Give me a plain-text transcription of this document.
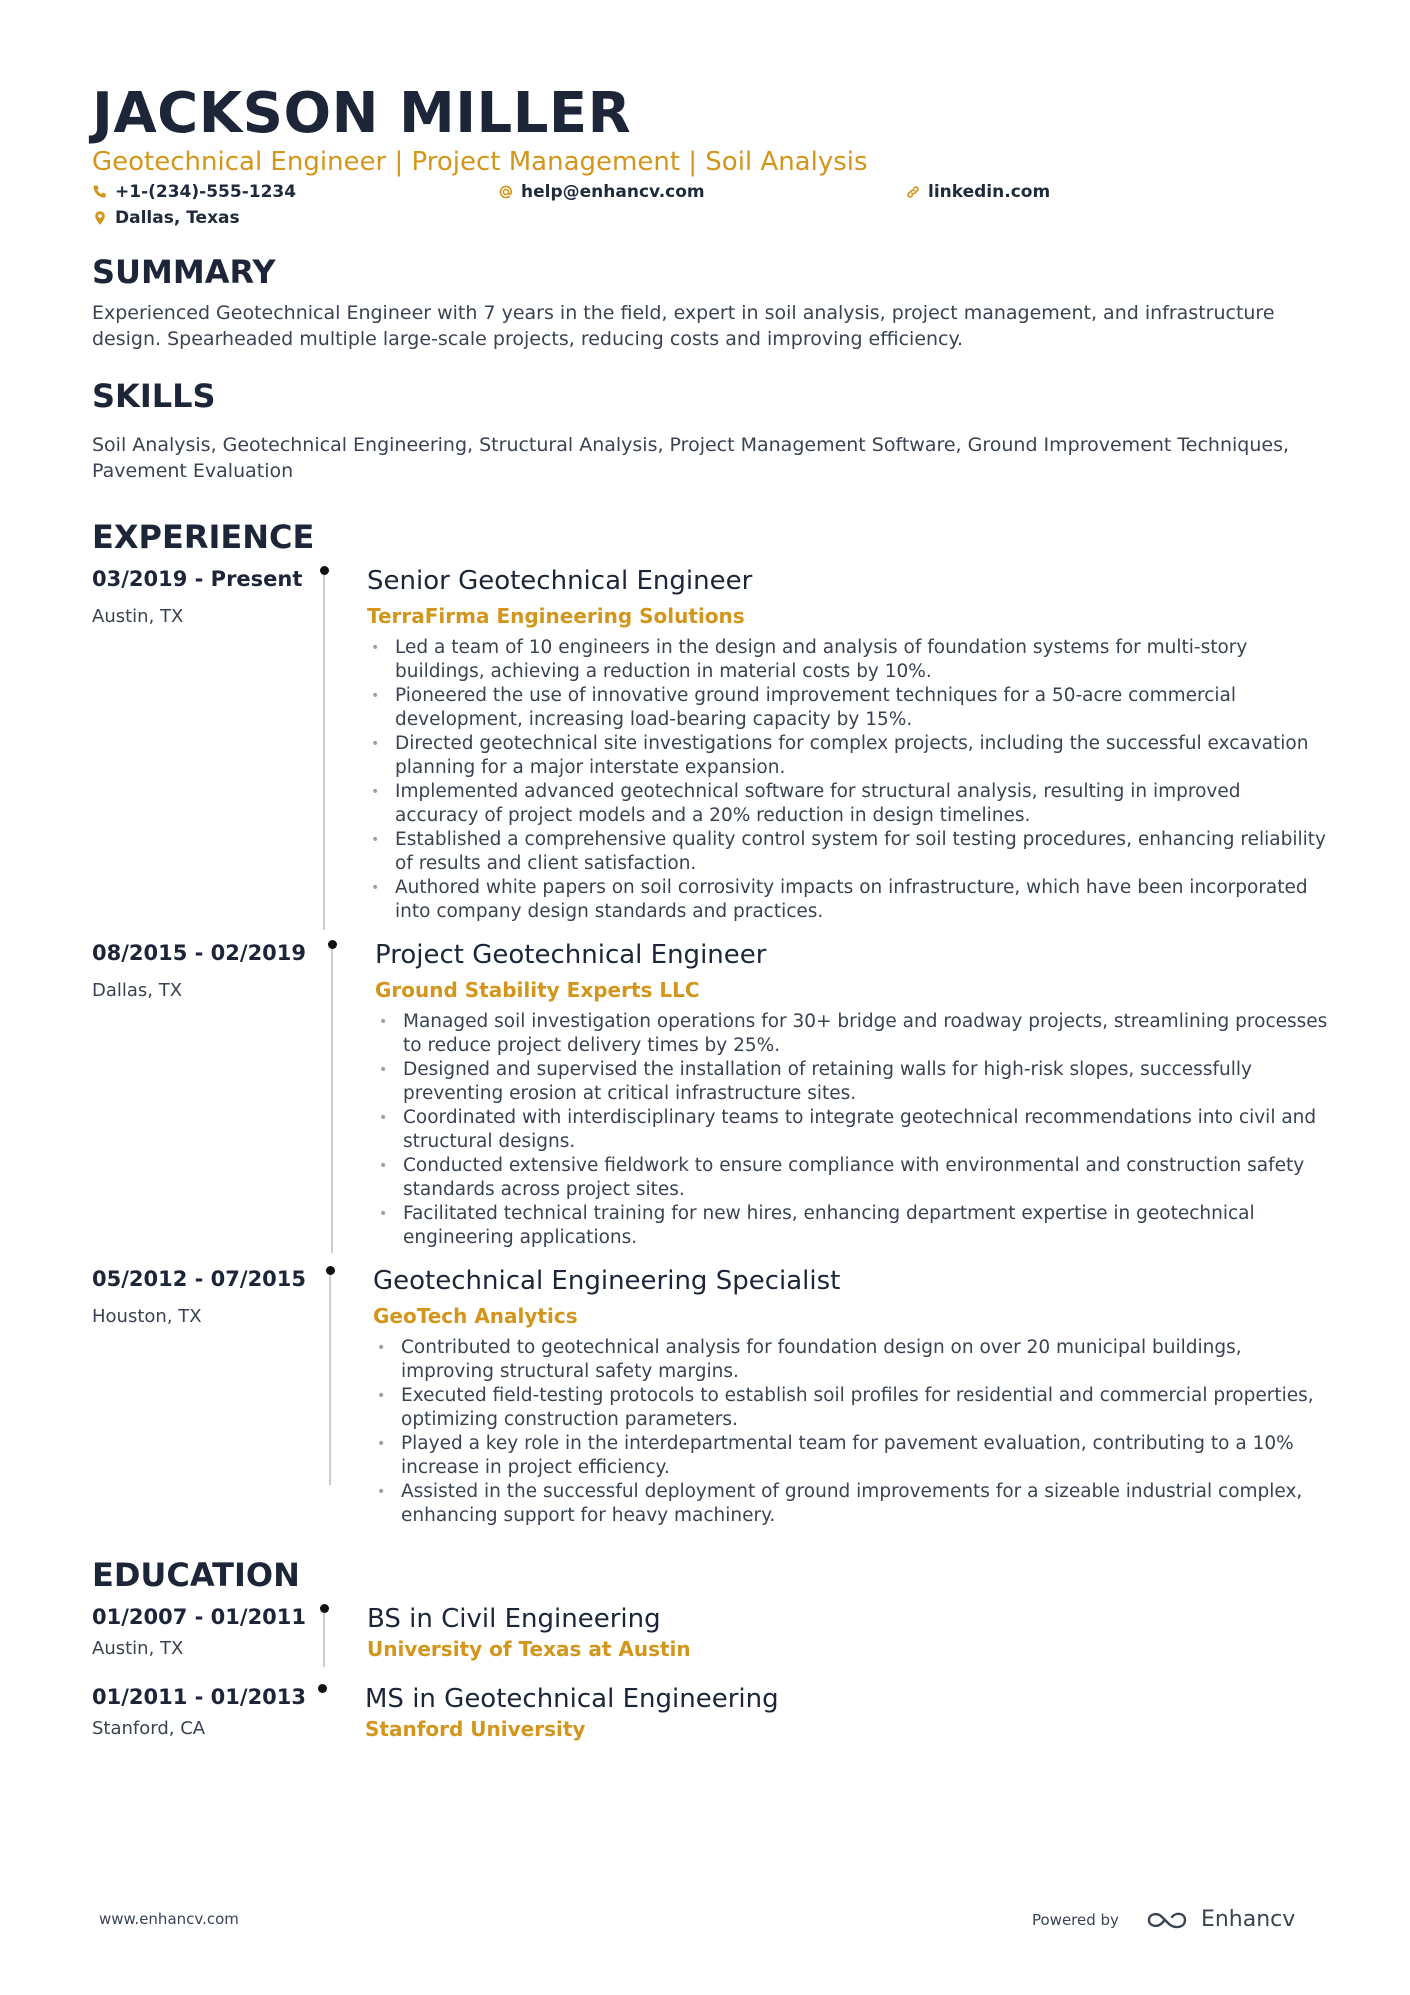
JACKSON MILLER
Geotechnical Engineer | Project Management | Soil Analysis
+1-(234)-555-1234	help@enhancv.com	linkedin.com
Dallas, Texas
SUMMARY
Experienced Geotechnical Engineer with 7 years in the field, expert in soil analysis, project management, and infrastructure design. Spearheaded multiple large-scale projects, reducing costs and improving efficiency.
SKILLS
Soil Analysis, Geotechnical Engineering, Structural Analysis, Project Management Software, Ground Improvement Techniques, Pavement Evaluation
EXPERIENCE
03/2019 - Present
Austin, TX
Senior Geotechnical Engineer
TerraFirma Engineering Solutions
• Led a team of 10 engineers in the design and analysis of foundation systems for multi-story buildings, achieving a reduction in material costs by 10%.
• Pioneered the use of innovative ground improvement techniques for a 50-acre commercial development, increasing load-bearing capacity by 15%.
• Directed geotechnical site investigations for complex projects, including the successful excavation planning for a major interstate expansion.
• Implemented advanced geotechnical software for structural analysis, resulting in improved accuracy of project models and a 20% reduction in design timelines.
• Established a comprehensive quality control system for soil testing procedures, enhancing reliability of results and client satisfaction.
• Authored white papers on soil corrosivity impacts on infrastructure, which have been incorporated into company design standards and practices.
08/2015 - 02/2019
Dallas, TX
Project Geotechnical Engineer
Ground Stability Experts LLC
• Managed soil investigation operations for 30+ bridge and roadway projects, streamlining processes to reduce project delivery times by 25%.
• Designed and supervised the installation of retaining walls for high-risk slopes, successfully preventing erosion at critical infrastructure sites.
• Coordinated with interdisciplinary teams to integrate geotechnical recommendations into civil and structural designs.
• Conducted extensive fieldwork to ensure compliance with environmental and construction safety standards across project sites.
• Facilitated technical training for new hires, enhancing department expertise in geotechnical engineering applications.
05/2012 - 07/2015
Houston, TX
Geotechnical Engineering Specialist
GeoTech Analytics
• Contributed to geotechnical analysis for foundation design on over 20 municipal buildings, improving structural safety margins.
• Executed field-testing protocols to establish soil profiles for residential and commercial properties, optimizing construction parameters.
• Played a key role in the interdepartmental team for pavement evaluation, contributing to a 10% increase in project efficiency.
• Assisted in the successful deployment of ground improvements for a sizeable industrial complex, enhancing support for heavy machinery.
EDUCATION
01/2007 - 01/2011
Austin, TX
BS in Civil Engineering
University of Texas at Austin
01/2011 - 01/2013
Stanford, CA
MS in Geotechnical Engineering
Stanford University
www.enhancv.com	Powered by	Enhancv
